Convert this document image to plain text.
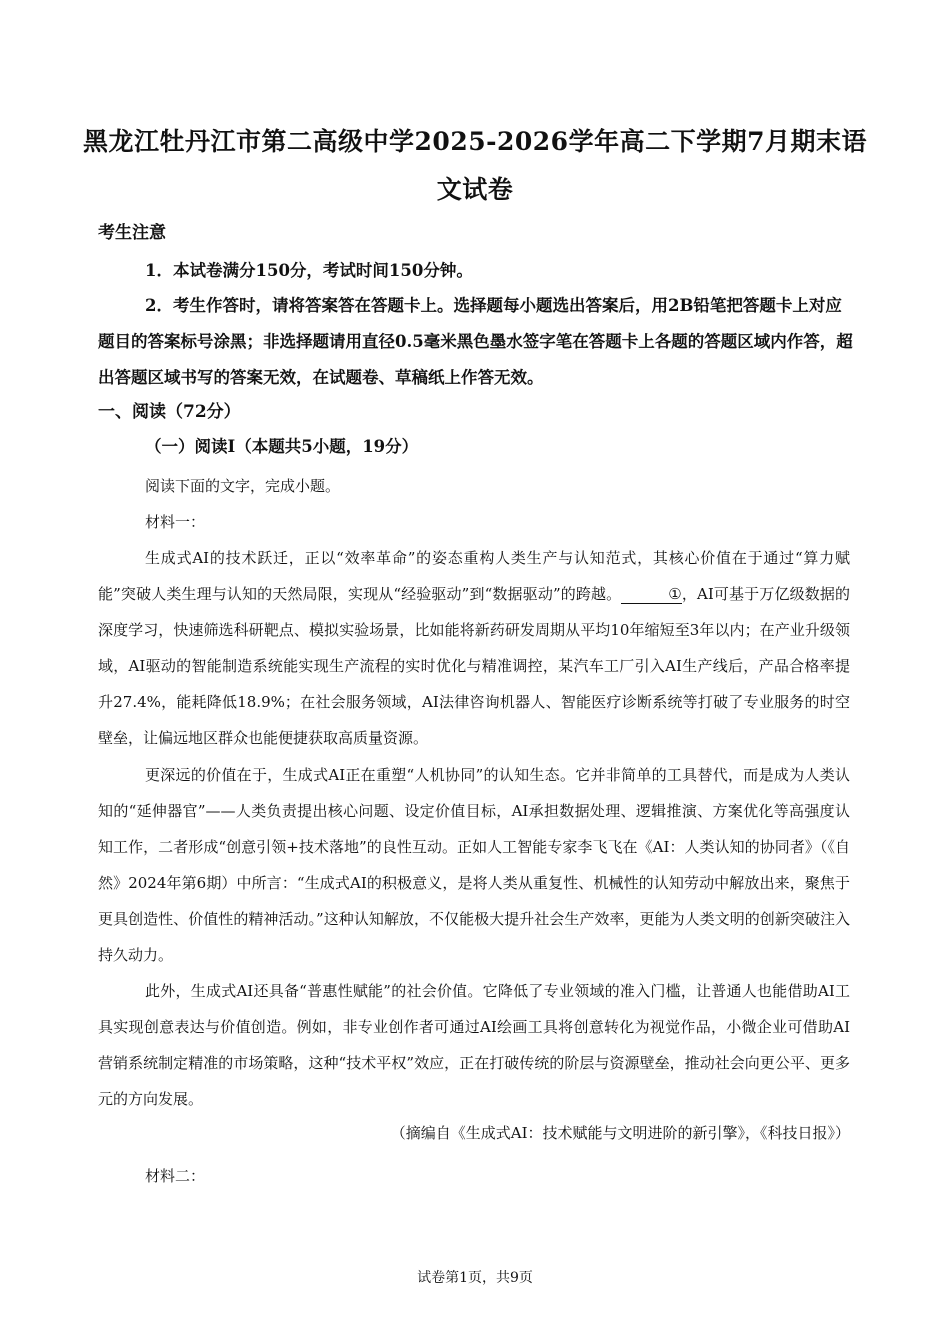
黑龙江牡丹江市第二高级中学2025-2026学年高二下学期7月期末语文试卷
考生注意
1．本试卷满分150分，考试时间150分钟。
2．考生作答时，请将答案答在答题卡上。选择题每小题选出答案后，用2B铅笔把答题卡上对应题目的答案标号涂黑；非选择题请用直径0.5毫米黑色墨水签字笔在答题卡上各题的答题区域内作答，超出答题区域书写的答案无效，在试题卷、草稿纸上作答无效。
一、阅读（72分）
（一）阅读I（本题共5小题，19分）
阅读下面的文字，完成小题。
材料一：
生成式AI的技术跃迁，正以“效率革命”的姿态重构人类生产与认知范式，其核心价值在于通过“算力赋能”突破人类生理与认知的天然局限，实现从“经验驱动”到“数据驱动”的跨越。	①，AI可基于万亿级数据的深度学习，快速筛选科研靶点、模拟实验场景，比如能将新药研发周期从平均10年缩短至3年以内；在产业升级领域，AI驱动的智能制造系统能实现生产流程的实时优化与精准调控，某汽车工厂引入AI生产线后，产品合格率提升27.4%，能耗降低18.9%；在社会服务领域，AI法律咨询机器人、智能医疗诊断系统等打破了专业服务的时空壁垒，让偏远地区群众也能便捷获取高质量资源。
更深远的价值在于，生成式AI正在重塑“人机协同”的认知生态。它并非简单的工具替代，而是成为人类认知的“延伸器官”——人类负责提出核心问题、设定价值目标，AI承担数据处理、逻辑推演、方案优化等高强度认知工作，二者形成“创意引领+技术落地”的良性互动。正如人工智能专家李飞飞在《AI：人类认知的协同者》（《自然》2024年第6期）中所言：“生成式AI的积极意义，是将人类从重复性、机械性的认知劳动中解放出来，聚焦于更具创造性、价值性的精神活动。”这种认知解放，不仅能极大提升社会生产效率，更能为人类文明的创新突破注入持久动力。
此外，生成式AI还具备“普惠性赋能”的社会价值。它降低了专业领域的准入门槛，让普通人也能借助AI工具实现创意表达与价值创造。例如，非专业创作者可通过AI绘画工具将创意转化为视觉作品，小微企业可借助AI营销系统制定精准的市场策略，这种“技术平权”效应，正在打破传统的阶层与资源壁垒，推动社会向更公平、更多元的方向发展。
（摘编自《生成式AI：技术赋能与文明进阶的新引擎》，《科技日报》）
材料二：
试卷第1页，共9页
